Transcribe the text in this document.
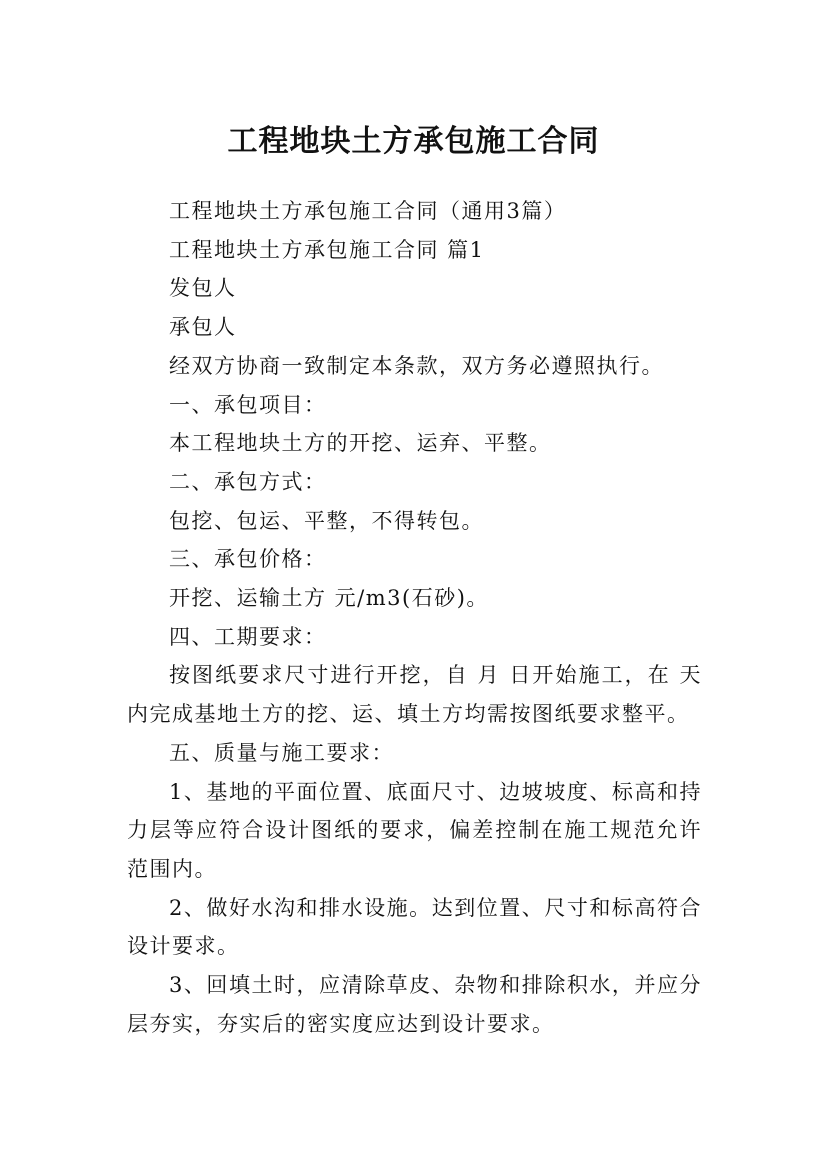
工程地块土方承包施工合同

工程地块土方承包施工合同（通用3篇）

工程地块土方承包施工合同 篇1

发包人

承包人

经双方协商一致制定本条款，双方务必遵照执行。

一、承包项目：

本工程地块土方的开挖、运弃、平整。

二、承包方式：

包挖、包运、平整，不得转包。

三、承包价格：

开挖、运输土方 元/m3(石砂)。

四、工期要求：

按图纸要求尺寸进行开挖，自 月 日开始施工，在 天内完成基地土方的挖、运、填土方均需按图纸要求整平。

五、质量与施工要求：

1、基地的平面位置、底面尺寸、边坡坡度、标高和持力层等应符合设计图纸的要求，偏差控制在施工规范允许范围内。

2、做好水沟和排水设施。达到位置、尺寸和标高符合设计要求。

3、回填土时，应清除草皮、杂物和排除积水，并应分层夯实，夯实后的密实度应达到设计要求。
